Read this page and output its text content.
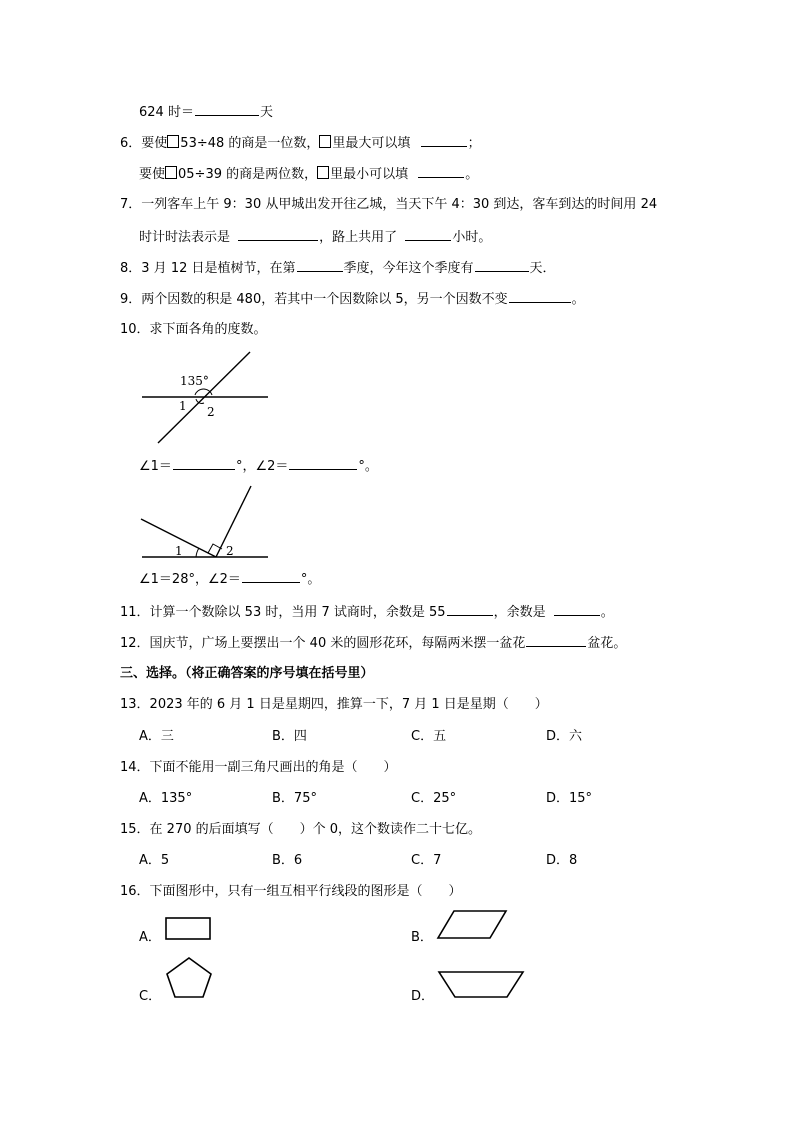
624 时＝	天
6．要使 53÷48 的商是一位数， 里最大可以填	；
要使 05÷39 的商是两位数， 里最小可以填	。
7．一列客车上午 9：30 从甲城出发开往乙城，当天下午 4：30 到达，客车到达的时间用 24
时计时法表示是	，路上共用了	小时。
8．3 月 12 日是植树节，在第	季度，今年这个季度有	天．
9．两个因数的积是 480，若其中一个因数除以 5，另一个因数不变	。
10．求下面各角的度数。
135°
1 2
∠1＝	°，∠2＝	°。
1	2
∠1＝28°，∠2＝	°。
11．计算一个数除以 53 时，当用 7 试商时，余数是 55	，余数是	。
12．国庆节，广场上要摆出一个 40 米的圆形花环，每隔两米摆一盆花	盆花。
三、选择。（将正确答案的序号填在括号里）
13．2023 年的 6 月 1 日是星期四，推算一下，7 月 1 日是星期（　　）
A．三	B．四	C．五	D．六
14．下面不能用一副三角尺画出的角是（　　）
A．135°	B．75°	C．25°	D．15°
15．在 270 的后面填写（　　）个 0，这个数读作二十七亿。
A．5	B．6	C．7	D．8
16．下面图形中，只有一组互相平行线段的图形是（　　）
A．	B．
C．	D．
